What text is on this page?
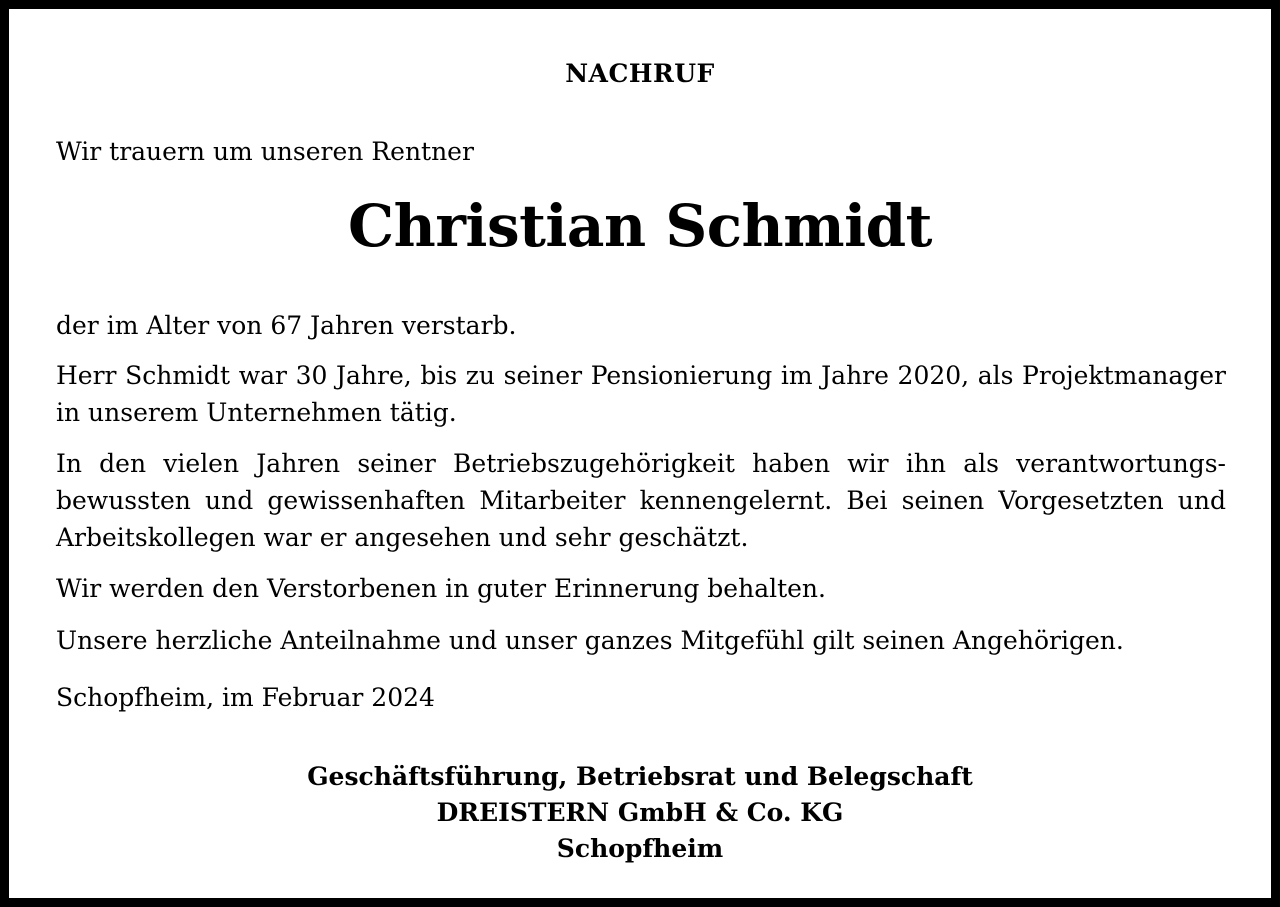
NACHRUF
Wir trauern um unseren Rentner
Christian Schmidt
der im Alter von 67 Jahren verstarb.
Herr Schmidt war 30 Jahre, bis zu seiner Pensionierung im Jahre 2020, als Projektmanager in unserem Unternehmen tätig.
In den vielen Jahren seiner Betriebszugehörigkeit haben wir ihn als verantwortungs-bewussten und gewissenhaften Mitarbeiter kennengelernt. Bei seinen Vorgesetzten und Arbeitskollegen war er angesehen und sehr geschätzt.
Wir werden den Verstorbenen in guter Erinnerung behalten.
Unsere herzliche Anteilnahme und unser ganzes Mitgefühl gilt seinen Angehörigen.
Schopfheim, im Februar 2024
Geschäftsführung, Betriebsrat und Belegschaft
DREISTERN GmbH & Co. KG
Schopfheim
